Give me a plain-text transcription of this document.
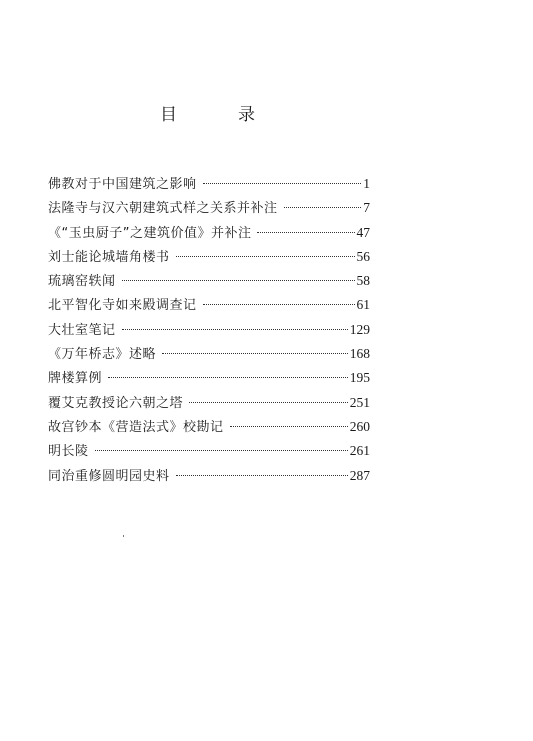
目	录
佛教对于中国建筑之影响	1
法隆寺与汉六朝建筑式样之关系并补注	7
《“玉虫厨子”之建筑价值》并补注	47
刘士能论城墙角楼书	56
琉璃窑轶闻	58
北平智化寺如来殿调查记	61
大壮室笔记	129
《万年桥志》述略	168
牌楼算例	195
覆艾克教授论六朝之塔	251
故宫钞本《营造法式》校勘记	260
明长陵	261
同治重修圆明园史料	287
